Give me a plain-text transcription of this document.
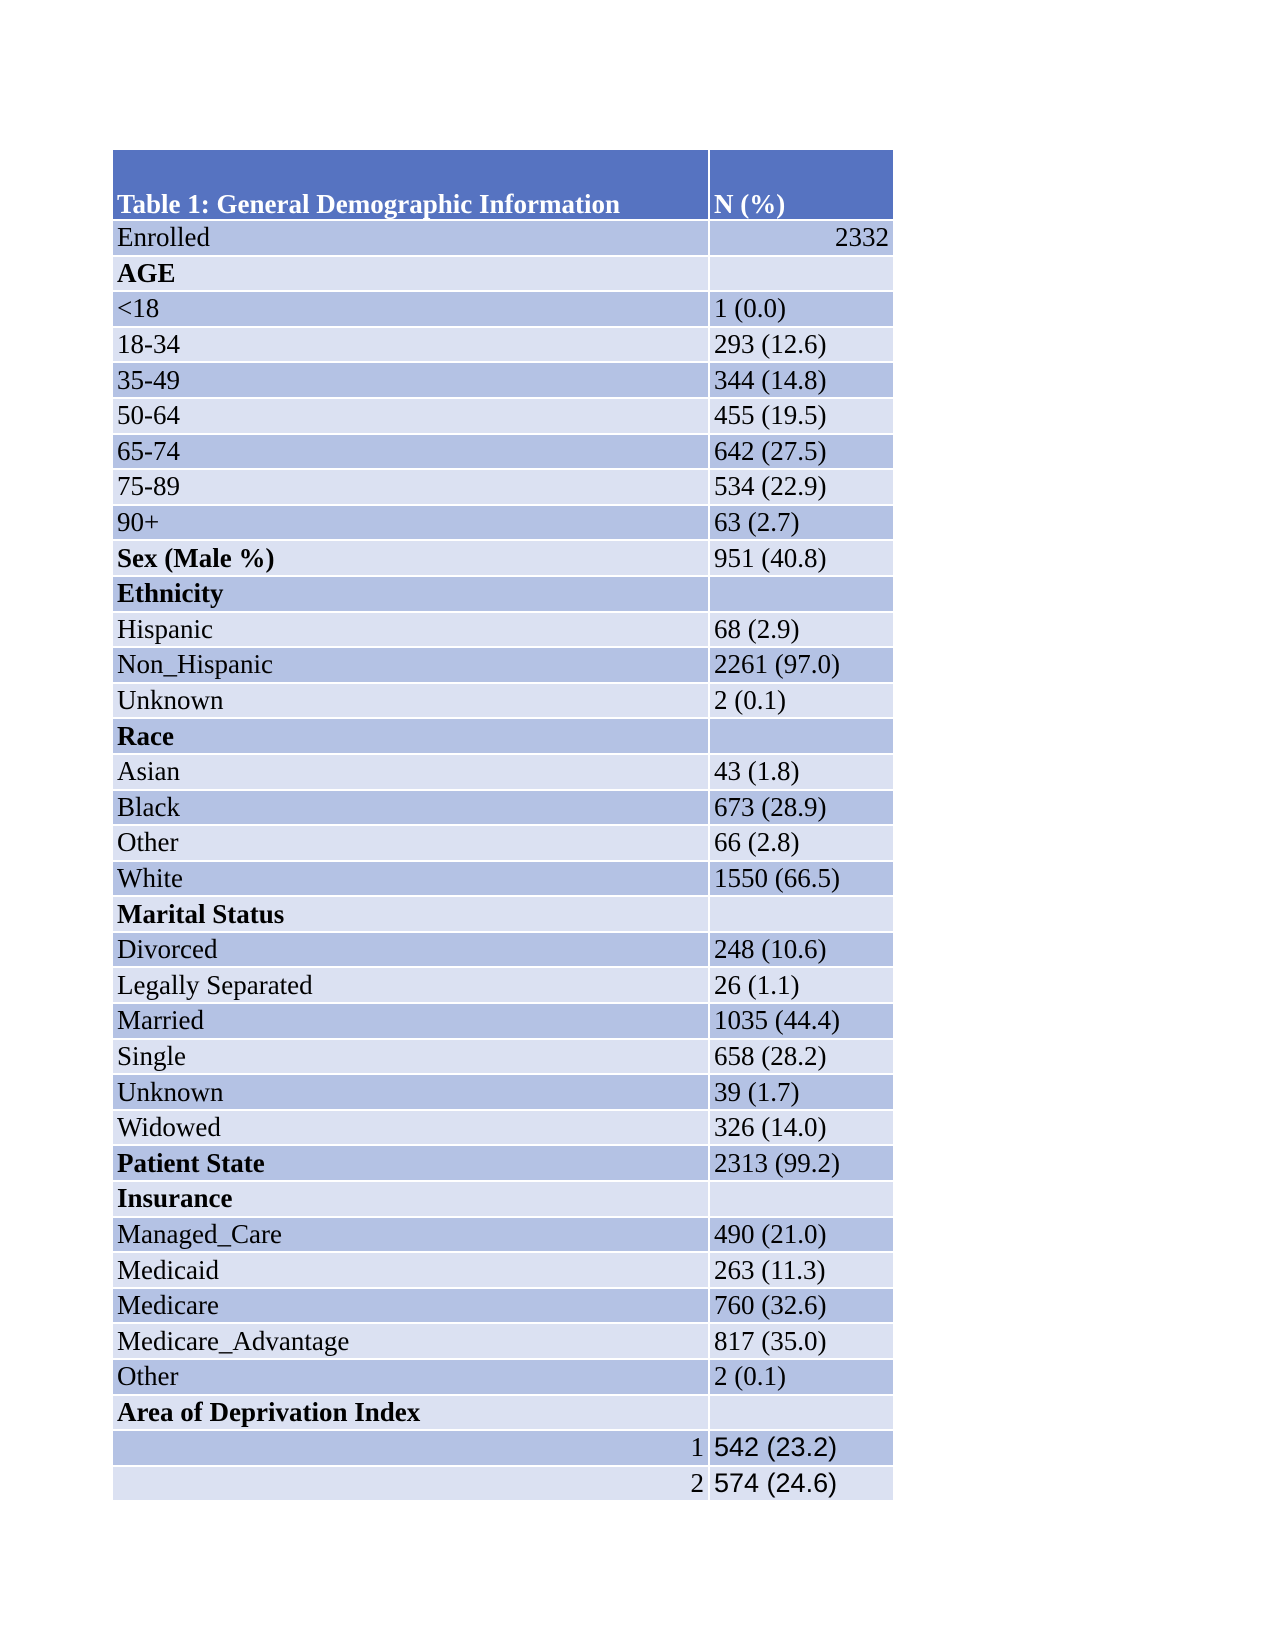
Table 1: General Demographic Information	N (%)
Enrolled	2332
AGE	
<18	1 (0.0)
18-34	293 (12.6)
35-49	344 (14.8)
50-64	455 (19.5)
65-74	642 (27.5)
75-89	534 (22.9)
90+	63 (2.7)
Sex (Male %)	951 (40.8)
Ethnicity	
Hispanic	68 (2.9)
Non_Hispanic	2261 (97.0)
Unknown	2 (0.1)
Race	
Asian	43 (1.8)
Black	673 (28.9)
Other	66 (2.8)
White	1550 (66.5)
Marital Status	
Divorced	248 (10.6)
Legally Separated	26 (1.1)
Married	1035 (44.4)
Single	658 (28.2)
Unknown	39 (1.7)
Widowed	326 (14.0)
Patient State	2313 (99.2)
Insurance	
Managed_Care	490 (21.0)
Medicaid	263 (11.3)
Medicare	760 (32.6)
Medicare_Advantage	817 (35.0)
Other	2 (0.1)
Area of Deprivation Index	
1	542 (23.2)
2	574 (24.6)
